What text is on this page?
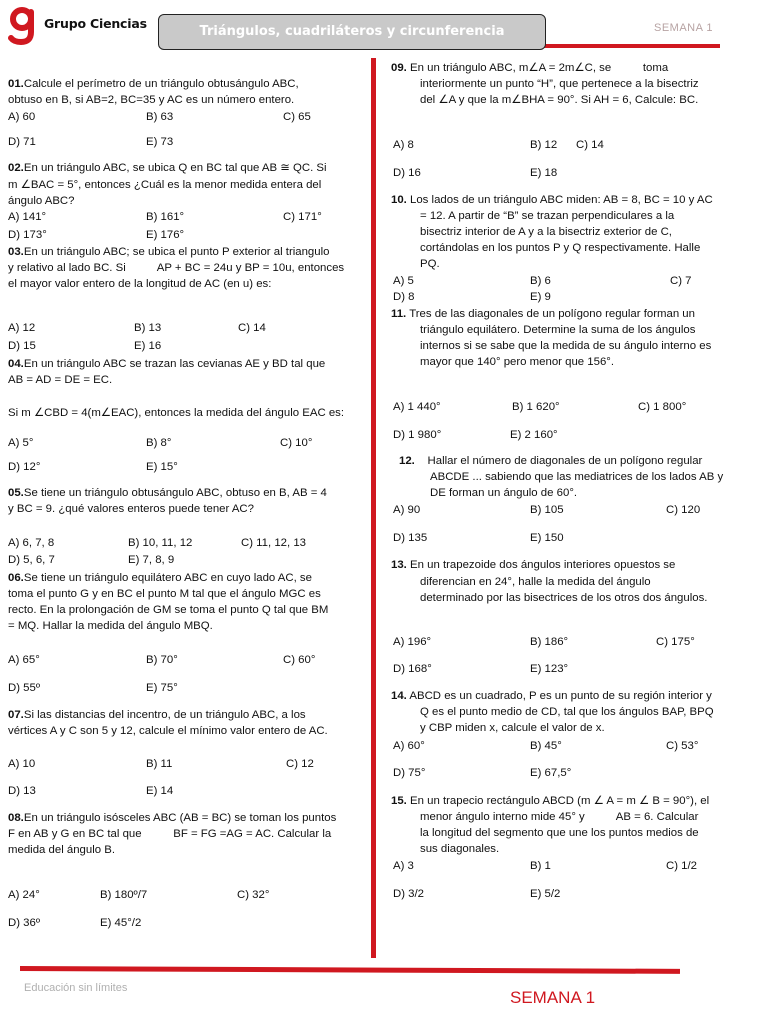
Grupo Ciencias
Triángulos, cuadriláteros y circunferencia	SEMANA 1
01.Calcule el perímetro de un triángulo obtusángulo ABC,
obtuso en B, si AB=2, BC=35 y AC es un número entero.
A) 60	B) 63	C) 65
D) 71	E) 73
02.En un triángulo ABC, se ubica Q en BC tal que AB ≅ QC. Si
m ∠BAC = 5°, entonces ¿Cuál es la menor medida entera del
ángulo ABC?
A) 141°	B) 161°	C) 171°
D) 173°	E) 176°
03.En un triángulo ABC; se ubica el punto P exterior al triangulo
y relativo al lado BC. Si          AP + BC = 24u y BP = 10u, entonces
el mayor valor entero de la longitud de AC (en u) es:
A) 12	B) 13	C) 14
D) 15	E) 16
04.En un triángulo ABC se trazan las cevianas AE y BD tal que
AB = AD = DE = EC.
Si m ∠CBD = 4(m∠EAC), entonces la medida del ángulo EAC es:
A) 5°	B) 8°	C) 10°
D) 12°	E) 15°
05.Se tiene un triángulo obtusángulo ABC, obtuso en B, AB = 4
y BC = 9. ¿qué valores enteros puede tener AC?
A) 6, 7, 8	B) 10, 11, 12	C) 11, 12, 13
D) 5, 6, 7	E) 7, 8, 9
06.Se tiene un triángulo equilátero ABC en cuyo lado AC, se
toma el punto G y en BC el punto M tal que el ángulo MGC es
recto. En la prolongación de GM se toma el punto Q tal que BM
= MQ. Hallar la medida del ángulo MBQ.
A) 65°	B) 70°	C) 60°
D) 55º	E) 75°
07.Si las distancias del incentro, de un triángulo ABC, a los
vértices A y C son 5 y 12, calcule el mínimo valor entero de AC.
A) 10	B) 11	C) 12
D) 13	E) 14
08.En un triángulo isósceles ABC (AB = BC) se toman los puntos
F en AB y G en BC tal que          BF = FG =AG = AC. Calcular la
medida del ángulo B.
A) 24°	B) 180º/7	C) 32°
D) 36º	E) 45°/2
09. En un triángulo ABC, m∠A = 2m∠C, se          toma
interiormente un punto “H”, que pertenece a la bisectriz
del ∠A y que la m∠BHA = 90°. Si AH = 6, Calcule: BC.
A) 8	B) 12 C) 14
D) 16	E) 18
10. Los lados de un triángulo ABC miden: AB = 8, BC = 10 y AC
= 12. A partir de “B” se trazan perpendiculares a la
bisectriz interior de A y a la bisectriz exterior de C,
cortándolas en los puntos P y Q respectivamente. Halle
PQ.
A) 5	B) 6	C) 7
D) 8	E) 9
11. Tres de las diagonales de un polígono regular forman un
triángulo equilátero. Determine la suma de los ángulos
internos si se sabe que la medida de su ángulo interno es
mayor que 140° pero menor que 156°.
A) 1 440°	B) 1 620°	C) 1 800°
D) 1 980°	E) 2 160°
12. Hallar el número de diagonales de un polígono regular
ABCDE ... sabiendo que las mediatrices de los lados AB y
DE forman un ángulo de 60°.
A) 90	B) 105	C) 120
D) 135	E) 150
13. En un trapezoide dos ángulos interiores opuestos se
diferencian en 24°, halle la medida del ángulo
determinado por las bisectrices de los otros dos ángulos.
A) 196°	B) 186°	C) 175°
D) 168°	E) 123°
14. ABCD es un cuadrado, P es un punto de su región interior y
Q es el punto medio de CD, tal que los ángulos BAP, BPQ
y CBP miden x, calcule el valor de x.
A) 60°	B) 45°	C) 53°
D) 75°	E) 67,5°
15. En un trapecio rectángulo ABCD (m ∠ A = m ∠ B = 90°), el
menor ángulo interno mide 45° y          AB = 6. Calcular
la longitud del segmento que une los puntos medios de
sus diagonales.
A) 3	B) 1	C) 1/2
D) 3/2	E) 5/2
Educación sin límites	SEMANA 1
